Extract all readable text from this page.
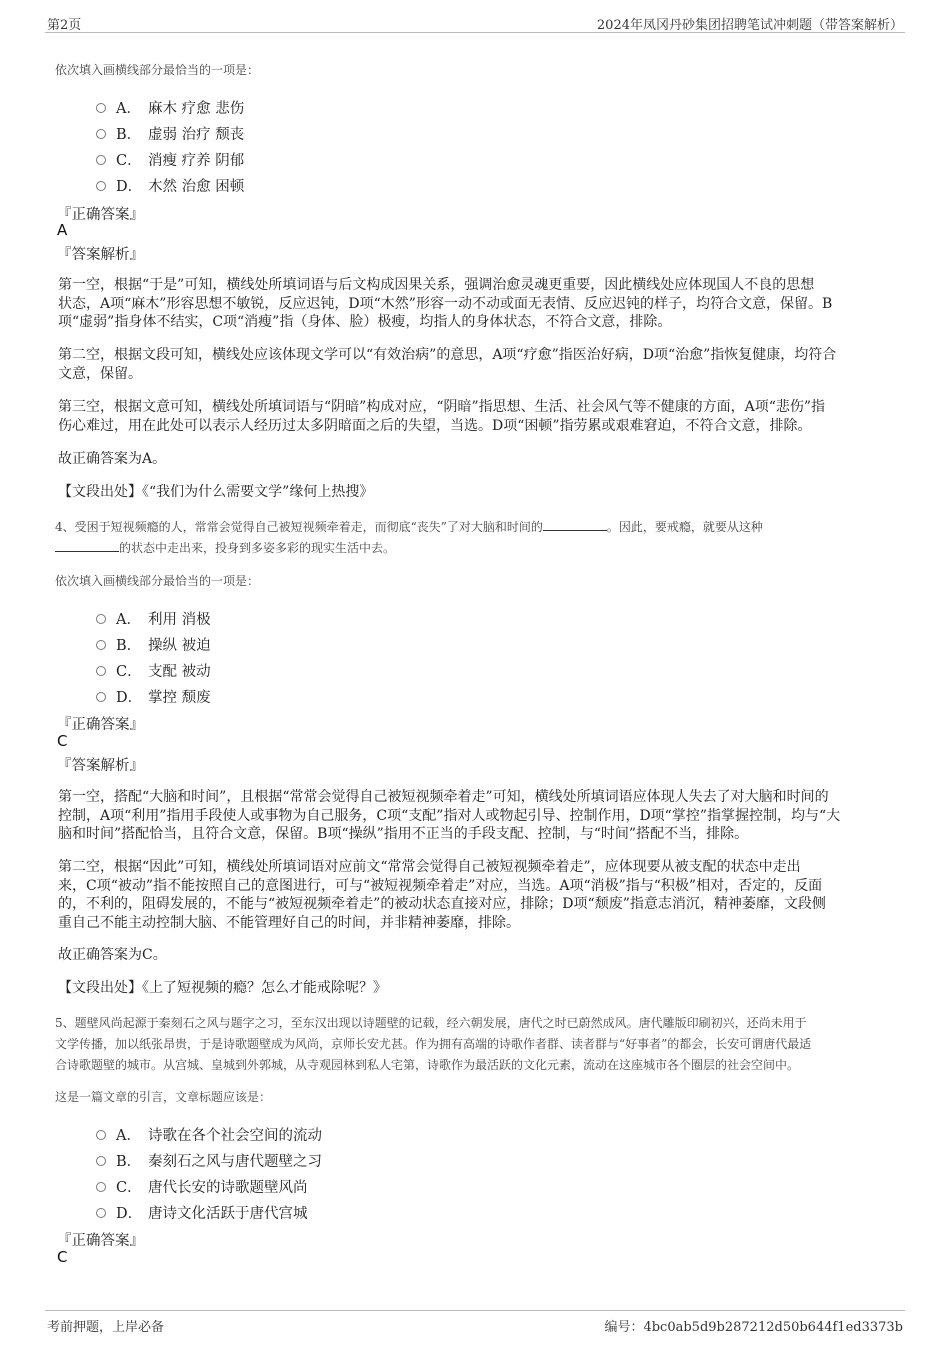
第2页	2024年凤冈丹砂集团招聘笔试冲刺题（带答案解析）
依次填入画横线部分最恰当的一项是：
A． 麻木 疗愈 悲伤
B． 虚弱 治疗 颓丧
C． 消瘦 疗养 阴郁
D． 木然 治愈 困顿
『正确答案』
A
『答案解析』
第一空，根据“于是”可知，横线处所填词语与后文构成因果关系，强调治愈灵魂更重要，因此横线处应体现国人不良的思想
状态，A项“麻木”形容思想不敏锐，反应迟钝，D项“木然”形容一动不动或面无表情、反应迟钝的样子，均符合文意，保留。B
项“虚弱”指身体不结实，C项“消瘦”指（身体、脸）极瘦，均指人的身体状态，不符合文意，排除。
第二空，根据文段可知，横线处应该体现文学可以“有效治病”的意思，A项“疗愈”指医治好病，D项“治愈”指恢复健康，均符合
文意，保留。
第三空，根据文意可知，横线处所填词语与“阴暗”构成对应，“阴暗”指思想、生活、社会风气等不健康的方面，A项“悲伤”指
伤心难过，用在此处可以表示人经历过太多阴暗面之后的失望，当选。D项“困顿”指劳累或艰难窘迫，不符合文意，排除。
故正确答案为A。
【文段出处】《“我们为什么需要文学”缘何上热搜》
4、受困于短视频瘾的人，常常会觉得自己被短视频牵着走，而彻底“丧失”了对大脑和时间的	。因此，要戒瘾，就要从这种
的状态中走出来，投身到多姿多彩的现实生活中去。
依次填入画横线部分最恰当的一项是：
A． 利用 消极
B． 操纵 被迫
C． 支配 被动
D． 掌控 颓废
『正确答案』
C
『答案解析』
第一空，搭配“大脑和时间”，且根据“常常会觉得自己被短视频牵着走”可知，横线处所填词语应体现人失去了对大脑和时间的
控制，A项“利用”指用手段使人或事物为自己服务，C项“支配”指对人或物起引导、控制作用，D项“掌控”指掌握控制，均与“大
脑和时间”搭配恰当，且符合文意，保留。B项“操纵”指用不正当的手段支配、控制，与“时间”搭配不当，排除。
第二空，根据“因此”可知，横线处所填词语对应前文“常常会觉得自己被短视频牵着走”，应体现要从被支配的状态中走出
来，C项“被动”指不能按照自己的意图进行，可与“被短视频牵着走”对应，当选。A项“消极”指与“积极”相对，否定的，反面
的，不利的，阻碍发展的，不能与“被短视频牵着走”的被动状态直接对应，排除；D项“颓废”指意志消沉，精神萎靡，文段侧
重自己不能主动控制大脑、不能管理好自己的时间，并非精神萎靡，排除。
故正确答案为C。
【文段出处】《上了短视频的瘾？怎么才能戒除呢？》
5、题壁风尚起源于秦刻石之风与题字之习，至东汉出现以诗题壁的记载，经六朝发展，唐代之时已蔚然成风。唐代雕版印刷初兴，还尚未用于
文学传播，加以纸张昂贵，于是诗歌题壁成为风尚，京师长安尤甚。作为拥有高端的诗歌作者群、读者群与“好事者”的都会，长安可谓唐代最适
合诗歌题壁的城市。从宫城、皇城到外郭城，从寺观园林到私人宅第，诗歌作为最活跃的文化元素，流动在这座城市各个圈层的社会空间中。
这是一篇文章的引言，文章标题应该是：
A． 诗歌在各个社会空间的流动
B． 秦刻石之风与唐代题壁之习
C． 唐代长安的诗歌题壁风尚
D． 唐诗文化活跃于唐代宫城
『正确答案』
C
考前押题，上岸必备	编号：4bc0ab5d9b287212d50b644f1ed3373b
